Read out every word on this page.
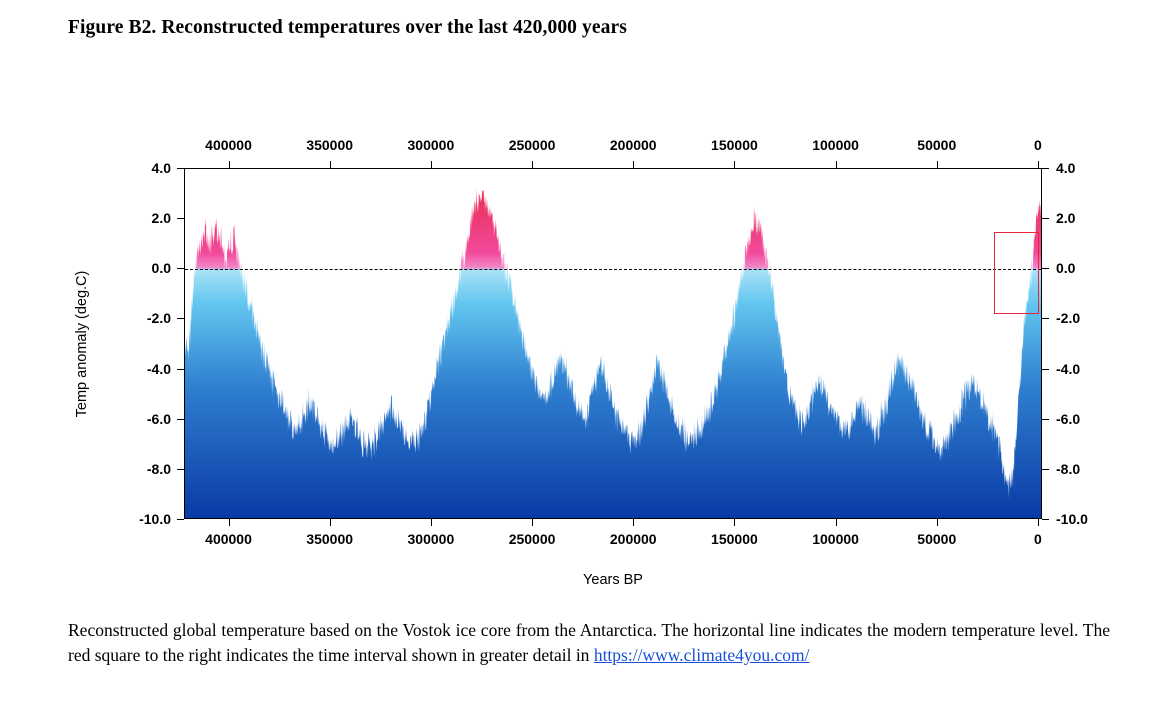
Figure B2. Reconstructed temperatures over the last 420,000 years
Temp anomaly (deg.C)
Years BP
400000	350000	300000	250000	200000	150000	100000	50000	0
400000	350000	300000	250000	200000	150000	100000	50000	0
4.0	4.0
2.0	2.0
0.0	0.0
-2.0	-2.0
-4.0	-4.0
-6.0	-6.0
-8.0	-8.0
-10.0	-10.0
Reconstructed global temperature based on the Vostok ice core from the Antarctica. The horizontal line indicates the modern temperature level. The red square to the right indicates the time interval shown in greater detail in https://www.climate4you.com/
